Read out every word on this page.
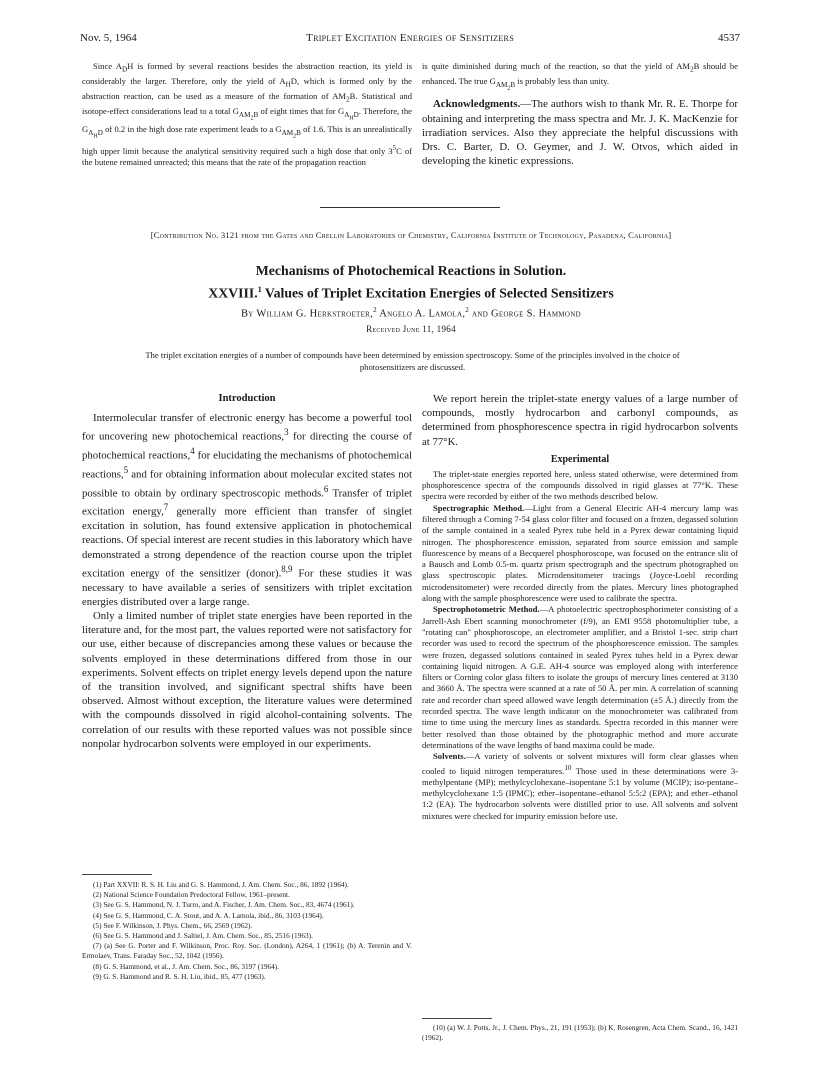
Nov. 5, 1964	Triplet Excitation Energies of Sensitizers	4537

Since $A_DH$ is formed by several reactions besides the abstraction reaction, its yield is considerably the larger. Therefore, only the yield of $A_HD$, which is formed only by the abstraction reaction, can be used as a measure of the formation of $AM_2B$. Statistical and isotope-effect considerations lead to a total $G_{AM_2B}$ of eight times that for $G_{A_HD}$. Therefore, the $G_{A_HD}$ of 0.2 in the high dose rate experiment leads to a $G_{AM_2B}$ of 1.6. This is an unrealistically high upper limit because the analytical sensitivity required such a high dose that only $3^5C$ of the butene remained unreacted; this means that the rate of the propagation reaction

is quite diminished during much of the reaction, so that the yield of $AM_2B$ should be enhanced. The true $G_{AM_2B}$ is probably less than unity.

Acknowledgments.—The authors wish to thank Mr. R. E. Thorpe for obtaining and interpreting the mass spectra and Mr. J. K. MacKenzie for irradiation services. Also they appreciate the helpful discussions with Drs. C. Barter, D. O. Geymer, and J. W. Otvos, which aided in developing the kinetic expressions.

[Contribution No. 3121 from the Gates and Crellin Laboratories of Chemistry, California Institute of Technology, Pasadena, California]
Mechanisms of Photochemical Reactions in Solution.
XXVIII.$^1$ Values of Triplet Excitation Energies of Selected Sensitizers
By William G. Herkstroeter,$^2$ Angelo A. Lamola,$^2$ and George S. Hammond
Received June 11, 1964
The triplet excitation energies of a number of compounds have been determined by emission spectroscopy. Some of the principles involved in the choice of photosensitizers are discussed.
Introduction

Intermolecular transfer of electronic energy has become a powerful tool for uncovering new photochemical reactions,$^3$ for directing the course of photochemical reactions,$^4$ for elucidating the mechanisms of photochemical reactions,$^5$ and for obtaining information about molecular excited states not possible to obtain by ordinary spectroscopic methods.$^6$ Transfer of triplet excitation energy,$^7$ generally more efficient than transfer of singlet excitation in solution, has found extensive application in photochemical reactions. Of special interest are recent studies in this laboratory which have demonstrated a strong dependence of the reaction course upon the triplet excitation energy of the sensitizer (donor).$^{8,9}$ For these studies it was necessary to have available a series of sensitizers with triplet excitation energies distributed over a large range.

Only a limited number of triplet state energies have been reported in the literature and, for the most part, the values reported were not satisfactory for our use, either because of discrepancies among these values or because the solvents employed in these determinations differed from those in our experiments. Solvent effects on triplet energy levels depend upon the nature of the transition involved, and significant spectral shifts have been observed. Almost without exception, the literature values were determined with the compounds dissolved in rigid alcohol-containing solvents. The correlation of our results with these reported values was not possible since nonpolar hydrocarbon solvents were employed in our experiments.

(1) Part XXVII: R. S. H. Liu and G. S. Hammond, J. Am. Chem. Soc., 86, 1892 (1964).

(2) National Science Foundation Predoctoral Fellow, 1961–present.

(3) See G. S. Hammond, N. J. Turro, and A. Fischer, J. Am. Chem. Soc., 83, 4674 (1961).

(4) See G. S. Hammond, C. A. Stout, and A. A. Lamola, ibid., 86, 3103 (1964).

(5) See F. Wilkinson, J. Phys. Chem., 66, 2569 (1962).

(6) See G. S. Hammond and J. Saltiel, J. Am. Chem. Soc., 85, 2516 (1963).

(7) (a) See G. Porter and F. Wilkinson, Proc. Roy. Soc. (London), A264, 1 (1961); (b) A. Terenin and V. Ermolaev, Trans. Faraday Soc., 52, 1042 (1956).

(8) G. S. Hammond, et al., J. Am. Chem. Soc., 86, 3197 (1964).

(9) G. S. Hammond and R. S. H. Liu, ibid., 85, 477 (1963).

We report herein the triplet-state energy values of a large number of compounds, mostly hydrocarbon and carbonyl compounds, as determined from phosphorescence spectra in rigid hydrocarbon solvents at 77°K.

Experimental

The triplet-state energies reported here, unless stated otherwise, were determined from phosphorescence spectra of the compounds dissolved in rigid glasses at 77°K. These spectra were recorded by either of the two methods described below.

Spectrographic Method.—Light from a General Electric AH-4 mercury lamp was filtered through a Corning 7-54 glass color filter and focused on a frozen, degassed solution of the sample contained in a sealed Pyrex tube held in a Pyrex dewar containing liquid nitrogen. The phosphorescence emission, separated from source emission and sample fluorescence by means of a Becquerel phosphoroscope, was focused on the entrance slit of a Bausch and Lomb 0.5-m. quartz prism spectrograph and the spectrum photographed on glass spectroscopic plates. Microdensitometer tracings (Joyce-Loebl recording microdensitometer) were recorded directly from the plates. Mercury lines photographed along with the sample phosphorescence were used to calibrate the spectra.

Spectrophotometric Method.—A photoelectric spectrophosphorimeter consisting of a Jarrell-Ash Ebert scanning monochrometer (f/9), an EMI 9558 photomultiplier tube, a "rotating can" phosphoroscope, an electrometer amplifier, and a Bristol 1-sec. strip chart recorder was used to record the spectrum of the phosphorescence emission. The samples were frozen, degassed solutions contained in sealed Pyrex tubes held in a Pyrex dewar containing liquid nitrogen. A G.E. AH-4 source was employed along with interference filters or Corning color glass filters to isolate the groups of mercury lines centered at 3130 and 3660 Å. The spectra were scanned at a rate of 50 Å. per min. A correlation of scanning rate and recorder chart speed allowed wave length determination (±5 Å.) directly from the recorded spectra. The wave length indicator on the monochrometer was calibrated from time to time using the mercury lines as standards. Spectra recorded in this manner were better resolved than those obtained by the photographic method and more accurate determinations of the wave lengths of band maxima could be made.

Solvents.—A variety of solvents or solvent mixtures will form clear glasses when cooled to liquid nitrogen temperatures.$^{10}$ Those used in these determinations were 3-methylpentane (MP); methylcyclohexane–isopentane 5:1 by volume (MCIP); iso-pentane–methylcyclohexane 1:5 (IPMC); ether–isopentane–ethanol 5:5:2 (EPA); and ether–ethanol 1:2 (EA). The hydrocarbon solvents were distilled prior to use. All solvents and solvent mixtures were checked for impurity emission before use.

(10) (a) W. J. Potts, Jr., J. Chem. Phys., 21, 191 (1953); (b) K. Rosengren, Acta Chem. Scand., 16, 1421 (1962).
